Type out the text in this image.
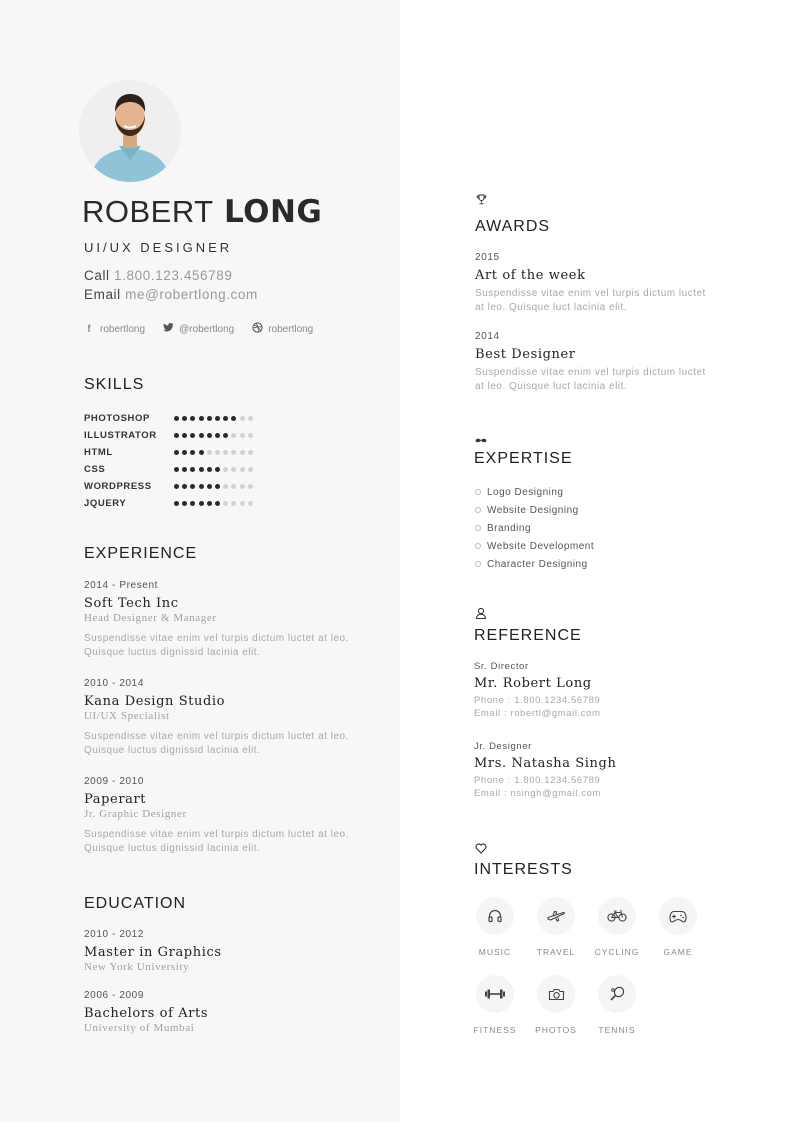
ROBERT LONG
UI/UX DESIGNER
Call 1.800.123.456789
Email me@robertlong.com
f robertlong	@robertlong	robertlong
SKILLS
PHOTOSHOP
ILLUSTRATOR
HTML
CSS
WORDPRESS
JQUERY
EXPERIENCE
2014 - Present
Soft Tech Inc
Head Designer & Manager
Suspendisse vitae enim vel turpis dictum luctet at leo. Quisque luctus dignissid lacinia elit.
2010 - 2014
Kana Design Studio
UI/UX Specialist
Suspendisse vitae enim vel turpis dictum luctet at leo. Quisque luctus dignissid lacinia elit.
2009 - 2010
Paperart
Jr. Graphic Designer
Suspendisse vitae enim vel turpis dictum luctet at leo. Quisque luctus dignissid lacinia elit.
EDUCATION
2010 - 2012
Master in Graphics
New York University
2006 - 2009
Bachelors of Arts
University of Mumbai
AWARDS
2015
Art of the week
Suspendisse vitae enim vel turpis dictum luctet at leo. Quisque luct lacinia elit.
2014
Best Designer
Suspendisse vitae enim vel turpis dictum luctet at leo. Quisque luct lacinia elit.
EXPERTISE
Logo Designing
Website Designing
Branding
Website Development
Character Designing
REFERENCE
Sr. Director
Mr. Robert Long
Phone : 1.800.1234.56789
Email : robertl@gmail.com
Jr. Designer
Mrs. Natasha Singh
Phone : 1.800.1234.56789
Email : nsingh@gmail.com
INTERESTS
MUSIC	TRAVEL	CYCLING	GAME
FITNESS	PHOTOS	TENNIS
